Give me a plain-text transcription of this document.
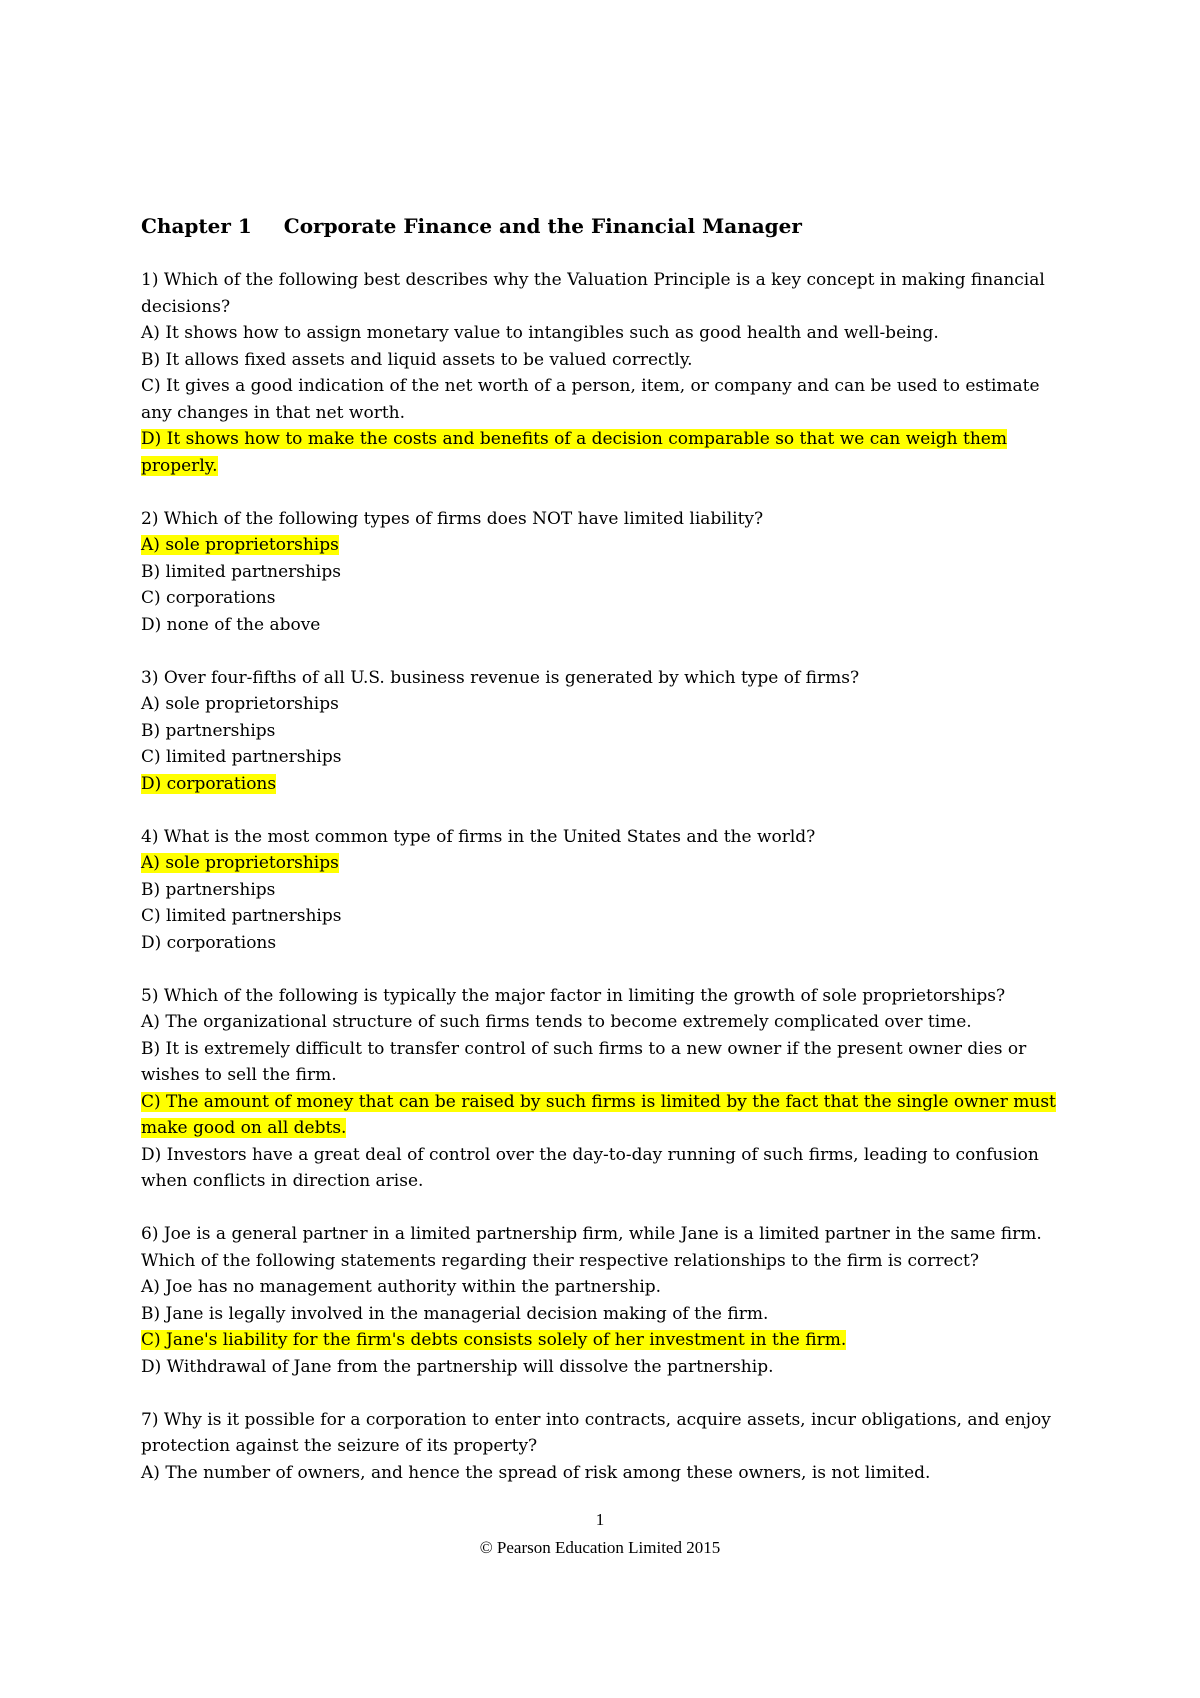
Chapter 1 Corporate Finance and the Financial Manager
1) Which of the following best describes why the Valuation Principle is a key concept in making financial
decisions?
A) It shows how to assign monetary value to intangibles such as good health and well-being.
B) It allows fixed assets and liquid assets to be valued correctly.
C) It gives a good indication of the net worth of a person, item, or company and can be used to estimate
any changes in that net worth.
D) It shows how to make the costs and benefits of a decision comparable so that we can weigh them
properly.
2) Which of the following types of firms does NOT have limited liability?
A) sole proprietorships
B) limited partnerships
C) corporations
D) none of the above
3) Over four-fifths of all U.S. business revenue is generated by which type of firms?
A) sole proprietorships
B) partnerships
C) limited partnerships
D) corporations
4) What is the most common type of firms in the United States and the world?
A) sole proprietorships
B) partnerships
C) limited partnerships
D) corporations
5) Which of the following is typically the major factor in limiting the growth of sole proprietorships?
A) The organizational structure of such firms tends to become extremely complicated over time.
B) It is extremely difficult to transfer control of such firms to a new owner if the present owner dies or
wishes to sell the firm.
C) The amount of money that can be raised by such firms is limited by the fact that the single owner must
make good on all debts.
D) Investors have a great deal of control over the day-to-day running of such firms, leading to confusion
when conflicts in direction arise.
6) Joe is a general partner in a limited partnership firm, while Jane is a limited partner in the same firm.
Which of the following statements regarding their respective relationships to the firm is correct?
A) Joe has no management authority within the partnership.
B) Jane is legally involved in the managerial decision making of the firm.
C) Jane's liability for the firm's debts consists solely of her investment in the firm.
D) Withdrawal of Jane from the partnership will dissolve the partnership.
7) Why is it possible for a corporation to enter into contracts, acquire assets, incur obligations, and enjoy
protection against the seizure of its property?
A) The number of owners, and hence the spread of risk among these owners, is not limited.
1
© Pearson Education Limited 2015
